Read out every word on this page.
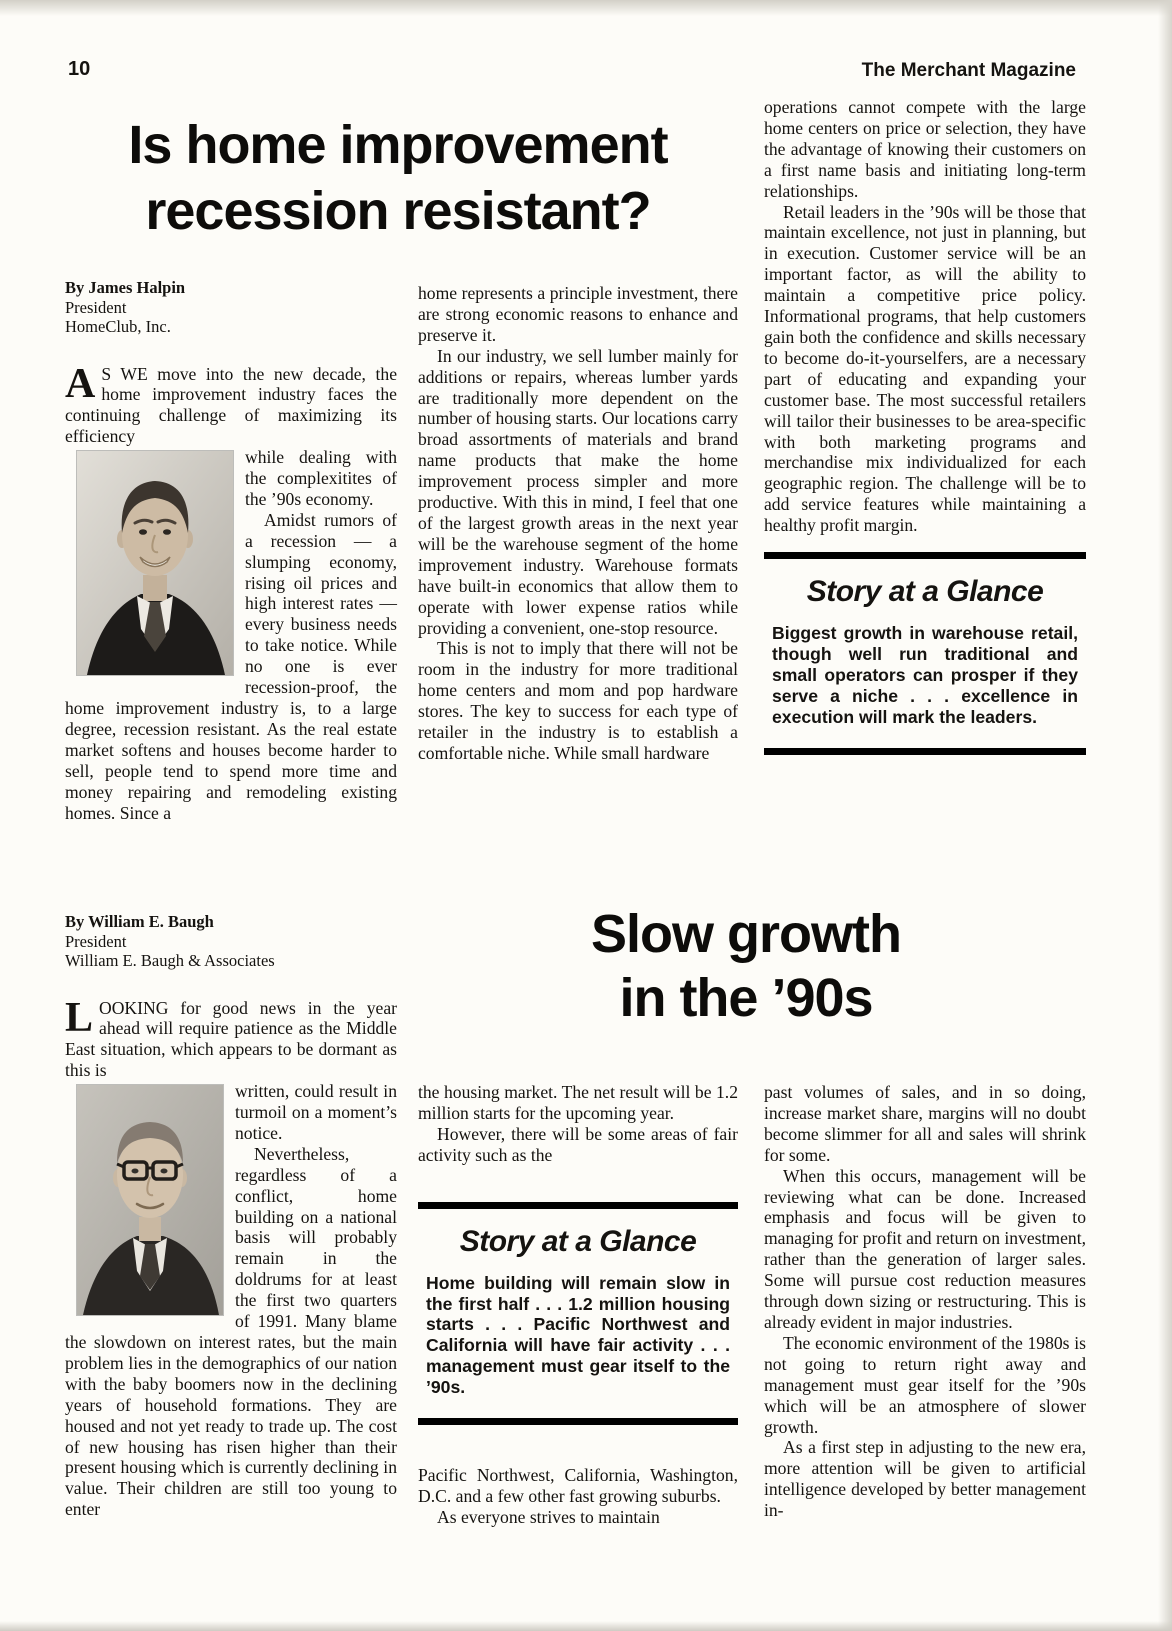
10	The Merchant Magazine
Is home improvement
recession resistant?
By James Halpin
President
HomeClub, Inc.

A S WE move into the new decade, the home improvement industry faces the continuing challenge of maximizing its efficiency

while dealing with the complexitites of the ’90s economy.

Amidst rumors of a recession — a slumping economy, rising oil prices and high interest rates — every business needs to take notice. While no one is ever recession-proof, the home improvement industry is, to a large degree, recession resistant. As the real estate market softens and houses become harder to sell, people tend to spend more time and money repairing and remodeling existing homes. Since a

home represents a principle investment, there are strong economic reasons to enhance and preserve it.

In our industry, we sell lumber mainly for additions or repairs, whereas lumber yards are traditionally more dependent on the number of housing starts. Our locations carry broad assortments of materials and brand name products that make the home improvement process simpler and more productive. With this in mind, I feel that one of the largest growth areas in the next year will be the warehouse segment of the home improvement industry. Warehouse formats have built-in economics that allow them to operate with lower expense ratios while providing a convenient, one-stop resource.

This is not to imply that there will not be room in the industry for more traditional home centers and mom and pop hardware stores. The key to success for each type of retailer in the industry is to establish a comfortable niche. While small hardware

operations cannot compete with the large home centers on price or selection, they have the advantage of knowing their customers on a first name basis and initiating long-term relationships.

Retail leaders in the ’90s will be those that maintain excellence, not just in planning, but in execution. Customer service will be an important factor, as will the ability to maintain a competitive price policy. Informational programs, that help customers gain both the confidence and skills necessary to become do-it-yourselfers, are a necessary part of educating and expanding your customer base. The most successful retailers will tailor their businesses to be area-specific with both marketing programs and merchandise mix individualized for each geographic region. The challenge will be to add service features while maintaining a healthy profit margin.

Story at a Glance

Biggest growth in warehouse retail, though well run traditional and small operators can prosper if they serve a niche . . . excellence in execution will mark the leaders.

Slow growth
in the ’90s
By William E. Baugh
President
William E. Baugh & Associates

LOOKING for good news in the year ahead will require patience as the Middle East situation, which appears to be dormant as this is

written, could result in turmoil on a moment’s notice.

Nevertheless, regardless of a conflict, home building on a national basis will probably remain in the doldrums for at least the first two quarters of 1991. Many blame the slowdown on interest rates, but the main problem lies in the demographics of our nation with the baby boomers now in the declining years of household formations. They are housed and not yet ready to trade up. The cost of new housing has risen higher than their present housing which is currently declining in value. Their children are still too young to enter

the housing market. The net result will be 1.2 million starts for the upcoming year.

However, there will be some areas of fair activity such as the

Story at a Glance

Home building will remain slow in the first half . . . 1.2 million housing starts . . . Pacific Northwest and California will have fair activity . . . management must gear itself to the ’90s.

Pacific Northwest, California, Washington, D.C. and a few other fast growing suburbs.

As everyone strives to maintain

past volumes of sales, and in so doing, increase market share, margins will no doubt become slimmer for all and sales will shrink for some.

When this occurs, management will be reviewing what can be done. Increased emphasis and focus will be given to managing for profit and return on investment, rather than the generation of larger sales. Some will pursue cost reduction measures through down sizing or restructuring. This is already evident in major industries.

The economic environment of the 1980s is not going to return right away and management must gear itself for the ’90s which will be an atmosphere of slower growth.

As a first step in adjusting to the new era, more attention will be given to artificial intelligence developed by better management in-
